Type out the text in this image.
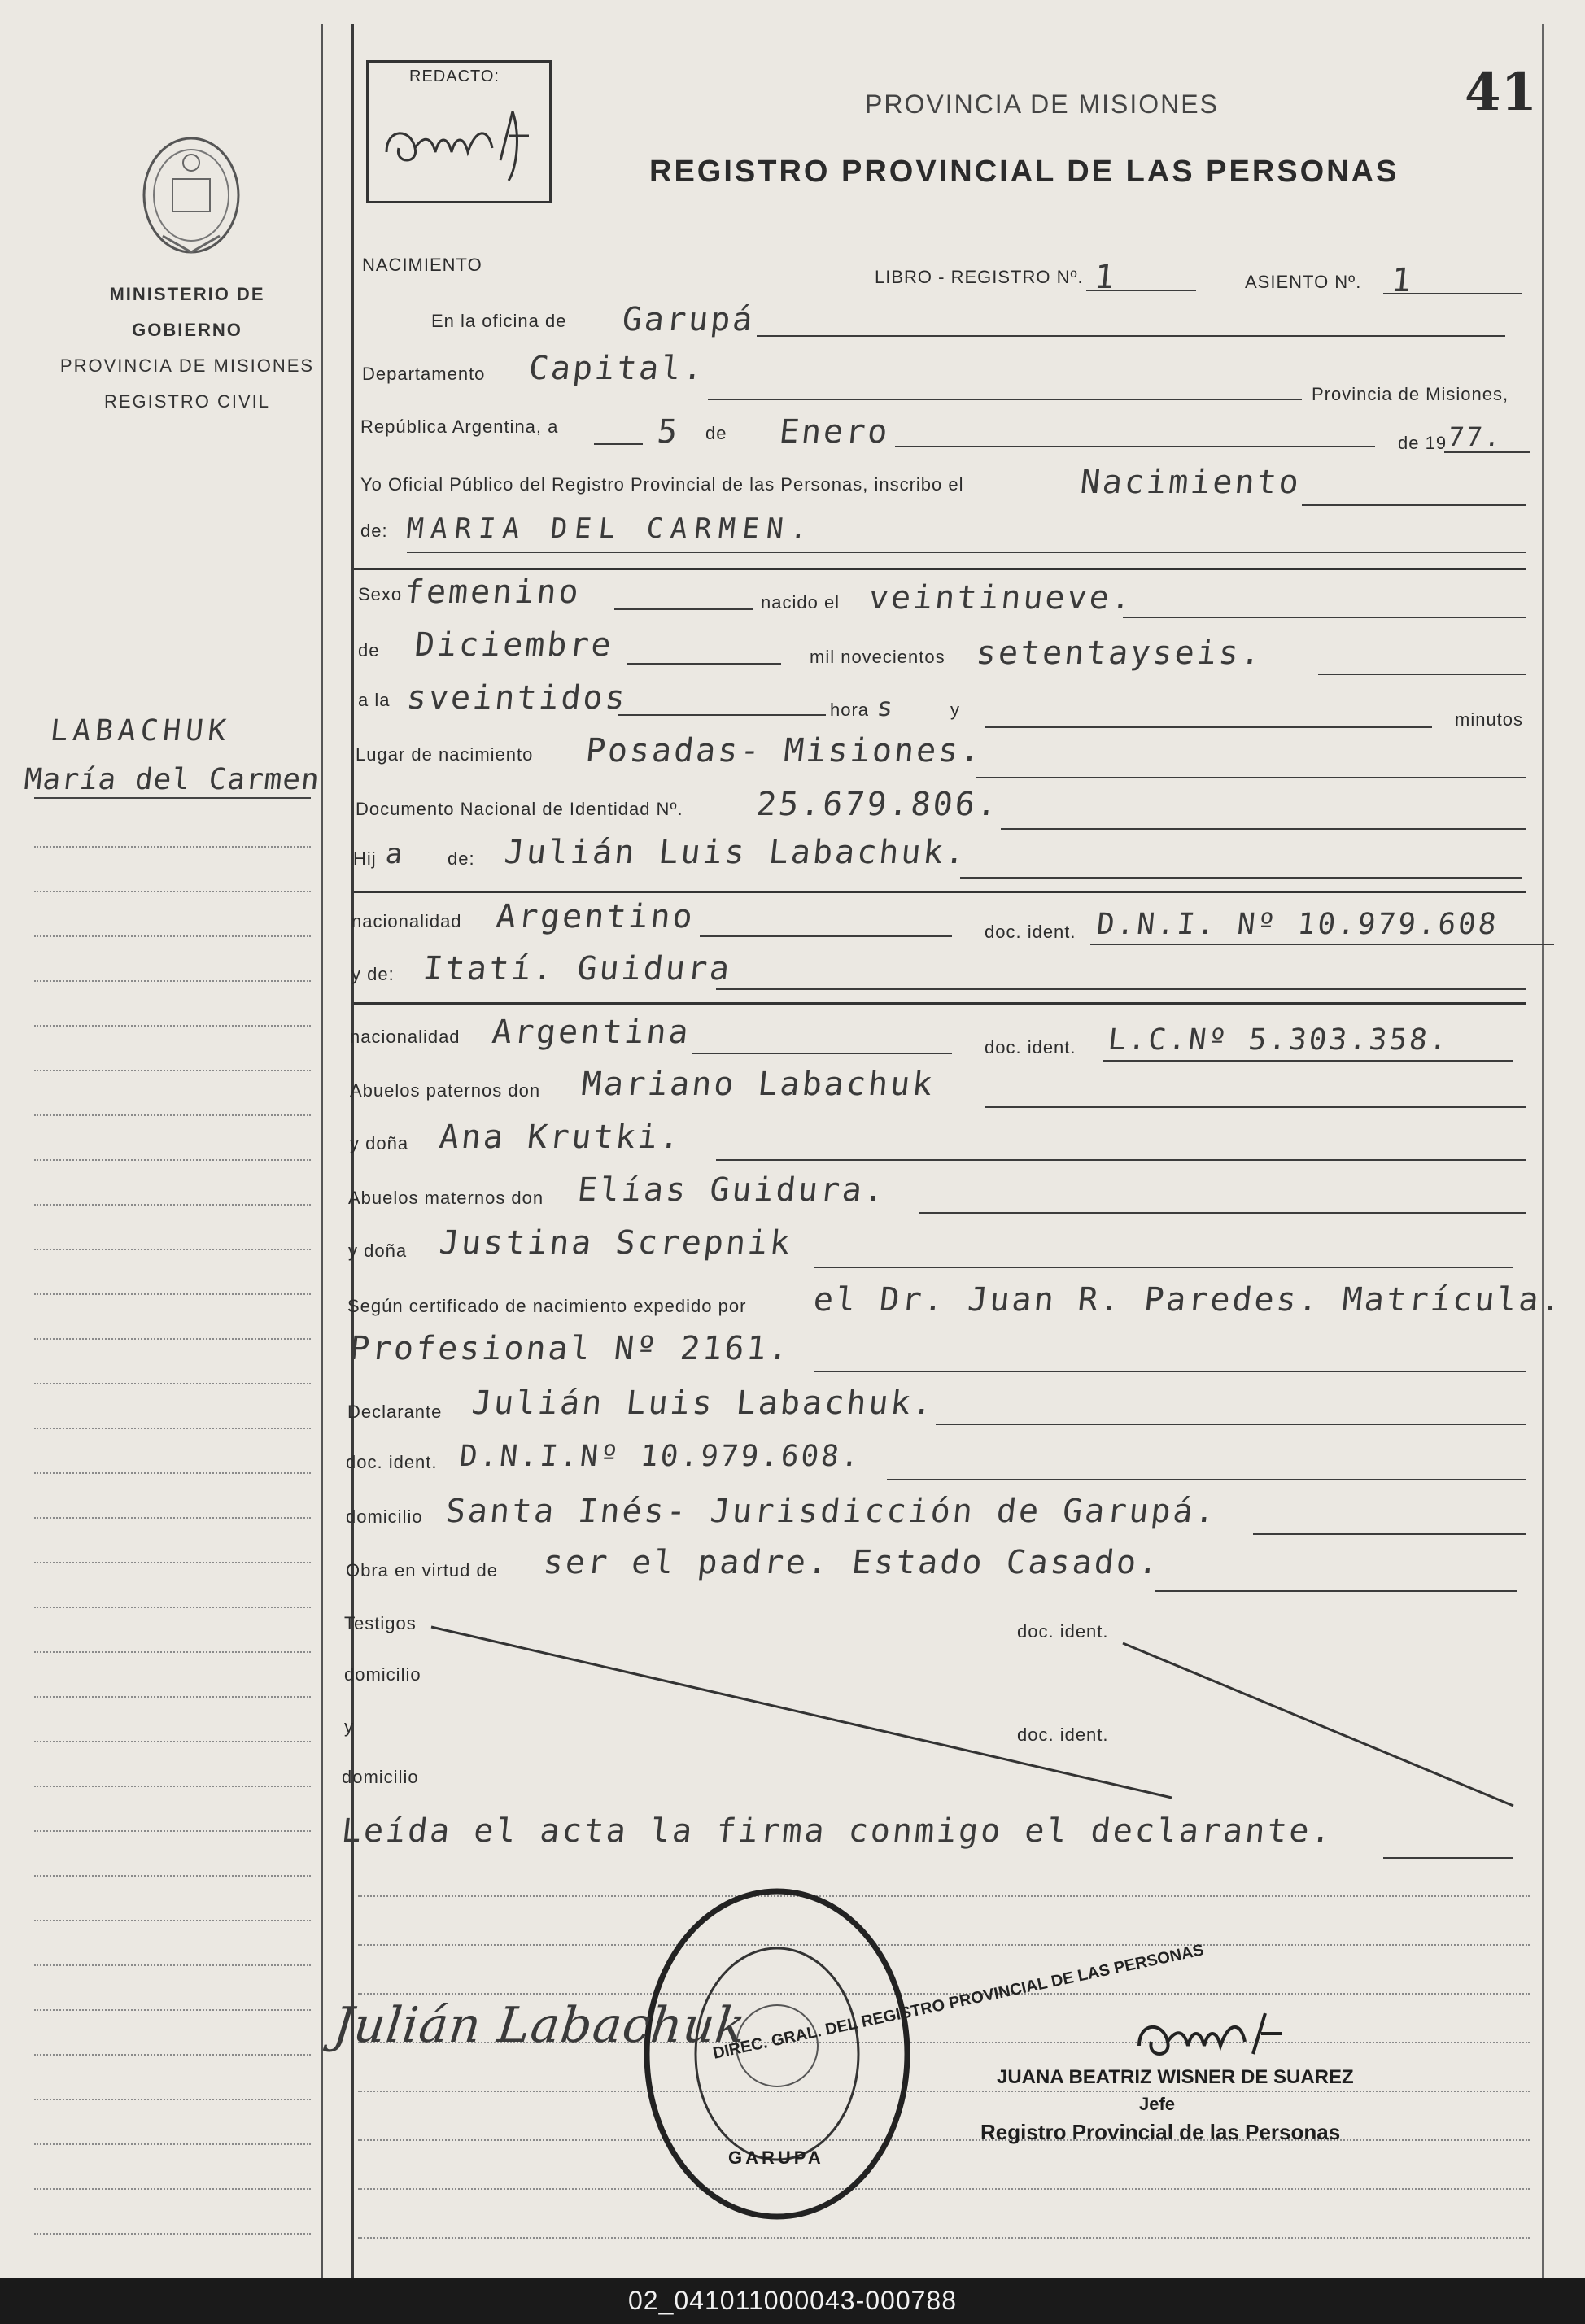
MINISTERIO DE GOBIERNO
PROVINCIA DE MISIONES
REGISTRO CIVIL
LABACHUK
María del Carmen
REDACTO:
PROVINCIA DE MISIONES
REGISTRO PROVINCIAL DE LAS PERSONAS
41
NACIMIENTO
LIBRO - REGISTRO Nº. 1	ASIENTO Nº. 1
En la oficina de Garupá
Departamento Capital.
Provincia de Misiones,
República Argentina, a	5 de Enero	de 19 77.
Yo Oficial Público del Registro Provincial de las Personas, inscribo el	Nacimiento
de: MARIA DEL CARMEN.
Sexo femenino	nacido el veintinueve.
de Diciembre	mil novecientos setentayseis.
a la sveintidos	hora s	y	minutos
Lugar de nacimiento Posadas- Misiones.
Documento Nacional de Identidad Nº. 25.679.806.
Hij a de: Julián Luis Labachuk.
nacionalidad Argentino	doc. ident. D.N.I. Nº 10.979.608
y de: Itatí. Guidura
nacionalidad Argentina	doc. ident. L.C.Nº 5.303.358.
Abuelos paternos don Mariano Labachuk
y doña Ana Krutki.
Abuelos maternos don Elías Guidura.
y doña Justina Screpnik
Según certificado de nacimiento expedido por el Dr. Juan R. Paredes. Matrícula.
Profesional Nº 2161.
Declarante Julián Luis Labachuk.
doc. ident. D.N.I.Nº 10.979.608.
domicilio Santa Inés- Jurisdicción de Garupá.
Obra en virtud de ser el padre. Estado Casado.
Testigos	doc. ident.
domicilio
y	doc. ident.
domicilio
Leída el acta la firma conmigo el declarante.
DIREC. GRAL. DEL REGISTRO PROVINCIAL DE LAS PERSONAS
GARUPA
Julián Labachuk
JUANA BEATRIZ WISNER DE SUAREZ
Jefe
Registro Provincial de las Personas
02_041011000043-000788
